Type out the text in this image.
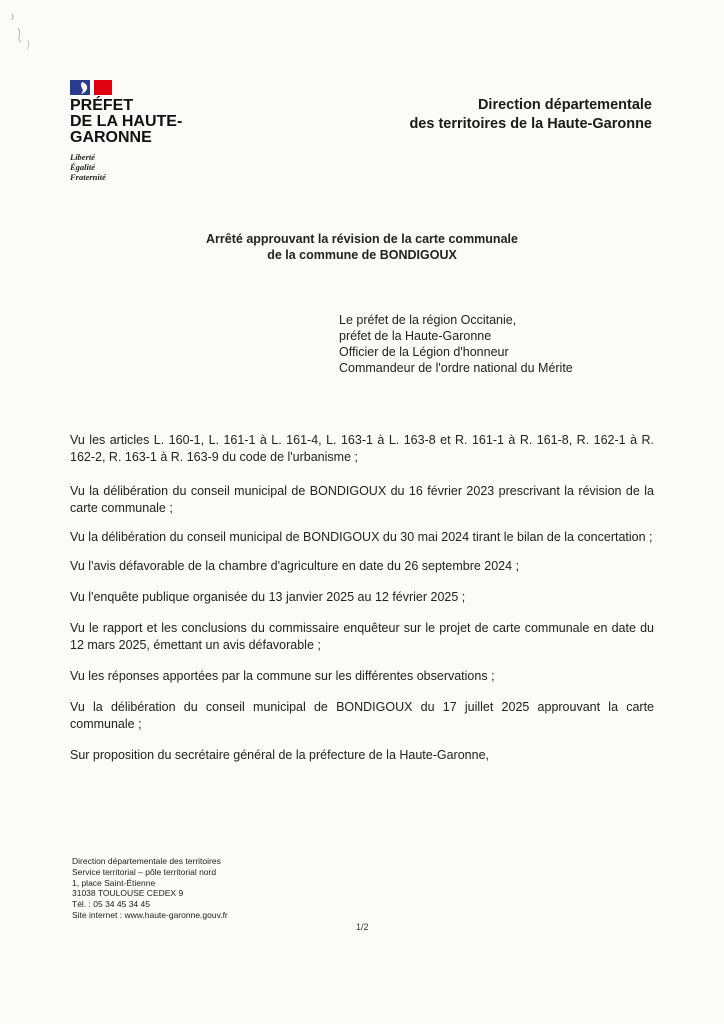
PRÉFET
DE LA HAUTE-
GARONNE
Liberté
Égalité
Fraternité
Direction départementale
des territoires de la Haute-Garonne
Arrêté approuvant la révision de la carte communale
de la commune de BONDIGOUX
Le préfet de la région Occitanie,
préfet de la Haute-Garonne
Officier de la Légion d'honneur
Commandeur de l'ordre national du Mérite

Vu les articles L. 160-1, L. 161-1 à L. 161-4, L. 163-1 à L. 163-8 et R. 161-1 à R. 161-8, R. 162-1 à R. 162-2, R. 163-1 à R. 163-9 du code de l'urbanisme ;

Vu la délibération du conseil municipal de BONDIGOUX du 16 février 2023 prescrivant la révision de la carte communale ;

Vu la délibération du conseil municipal de BONDIGOUX du 30 mai 2024 tirant le bilan de la concertation ;

Vu l'avis défavorable de la chambre d'agriculture en date du 26 septembre 2024 ;

Vu l'enquête publique organisée du 13 janvier 2025 au 12 février 2025 ;

Vu le rapport et les conclusions du commissaire enquêteur sur le projet de carte communale en date du 12 mars 2025, émettant un avis défavorable ;

Vu les réponses apportées par la commune sur les différentes observations ;

Vu la délibération du conseil municipal de BONDIGOUX du 17 juillet 2025 approuvant la carte communale ;

Sur proposition du secrétaire général de la préfecture de la Haute-Garonne,

Direction départementale des territoires
Service territorial – pôle territorial nord
1, place Saint-Étienne
31038 TOULOUSE CEDEX 9
Tél. : 05 34 45 34 45
Site internet : www.haute-garonne.gouv.fr
1/2
